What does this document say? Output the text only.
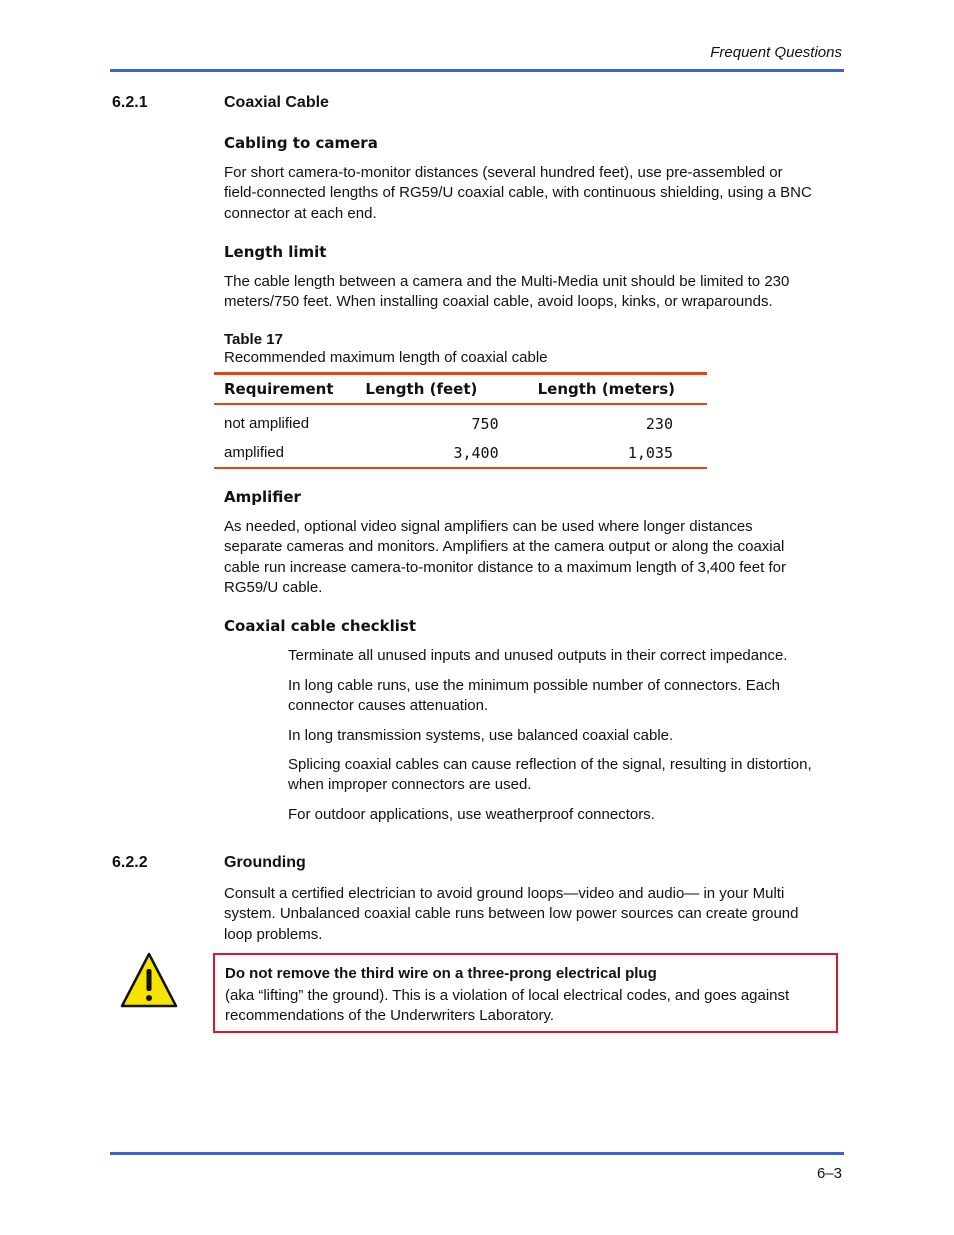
Frequent Questions
6.2.1	Coaxial Cable
Cabling to camera
For short camera-to-monitor distances (several hundred feet), use pre-assembled or
field-connected lengths of RG59/U coaxial cable, with continuous shielding, using a BNC
connector at each end.
Length limit
The cable length between a camera and the Multi-Media unit should be limited to 230
meters/750 feet. When installing coaxial cable, avoid loops, kinks, or wraparounds.
Table 17
Recommended maximum length of coaxial cable
Requirement	Length (feet)	Length (meters)
not amplified	750	230
amplified	3,400	1,035
Amplifier
As needed, optional video signal amplifiers can be used where longer distances
separate cameras and monitors. Amplifiers at the camera output or along the coaxial
cable run increase camera-to-monitor distance to a maximum length of 3,400 feet for
RG59/U cable.
Coaxial cable checklist
Terminate all unused inputs and unused outputs in their correct impedance.
In long cable runs, use the minimum possible number of connectors. Each
connector causes attenuation.
In long transmission systems, use balanced coaxial cable.
Splicing coaxial cables can cause reflection of the signal, resulting in distortion,
when improper connectors are used.
For outdoor applications, use weatherproof connectors.
6.2.2	Grounding
Consult a certified electrician to avoid ground loops—video and audio— in your Multi
system. Unbalanced coaxial cable runs between low power sources can create ground
loop problems.
Do not remove the third wire on a three-prong electrical plug
(aka “lifting” the ground). This is a violation of local electrical codes, and goes against
recommendations of the Underwriters Laboratory.
6–3
